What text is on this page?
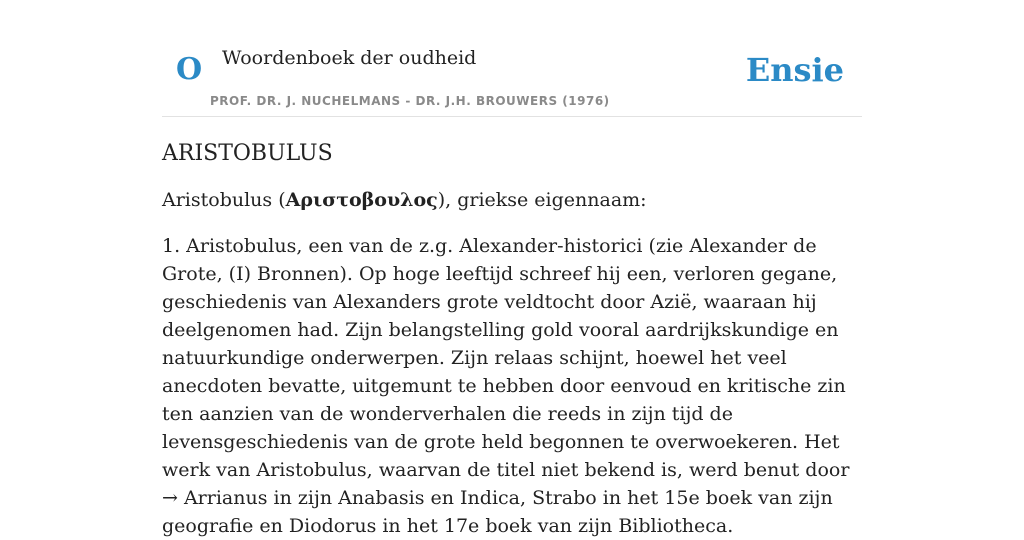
O Woordenboek der oudheid
PROF. DR. J. NUCHELMANS - DR. J.H. BROUWERS (1976)
Ensie
ARISTOBULUS

Aristobulus (Αριστοβουλος), griekse eigennaam:

1. Aristobulus, een van de z.g. Alexander-historici (zie Alexander de Grote, (I) Bronnen). Op hoge leeftijd schreef hij een, verloren gegane, geschiedenis van Alexanders grote veldtocht door Azië, waaraan hij deelgenomen had. Zijn belangstelling gold vooral aardrijkskundige en natuurkundige onderwerpen. Zijn relaas schijnt, hoewel het veel anecdoten bevatte, uitgemunt te hebben door eenvoud en kritische zin ten aanzien van de wonderverhalen die reeds in zijn tijd de levensgeschiedenis van de grote held begonnen te overwoekeren. Het werk van Aristobulus, waarvan de titel niet bekend is, werd benut door → Arrianus in zijn Anabasis en Indica, Strabo in het 15e boek van zijn geografie en Diodorus in het 17e boek van zijn Bibliotheca.
